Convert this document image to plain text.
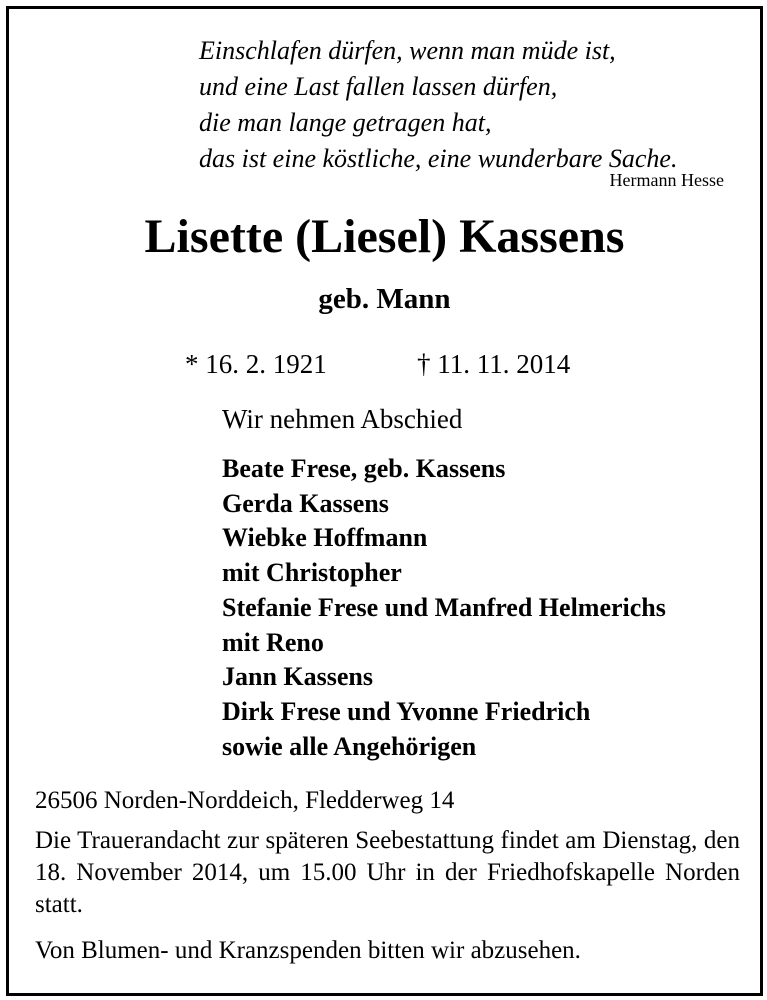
Einschlafen dürfen, wenn man müde ist,
und eine Last fallen lassen dürfen,
die man lange getragen hat,
das ist eine köstliche, eine wunderbare Sache.
Hermann Hesse
Lisette (Liesel) Kassens
geb. Mann
* 16. 2. 1921	† 11. 11. 2014
Wir nehmen Abschied
Beate Frese, geb. Kassens
Gerda Kassens
Wiebke Hoffmann
mit Christopher
Stefanie Frese und Manfred Helmerichs
mit Reno
Jann Kassens
Dirk Frese und Yvonne Friedrich
sowie alle Angehörigen
26506 Norden-Norddeich, Fledderweg 14

Die Trauerandacht zur späteren Seebestattung findet am Dienstag, den 18. November 2014, um 15.00 Uhr in der Friedhofskapelle Norden statt.

Von Blumen- und Kranzspenden bitten wir abzusehen.
